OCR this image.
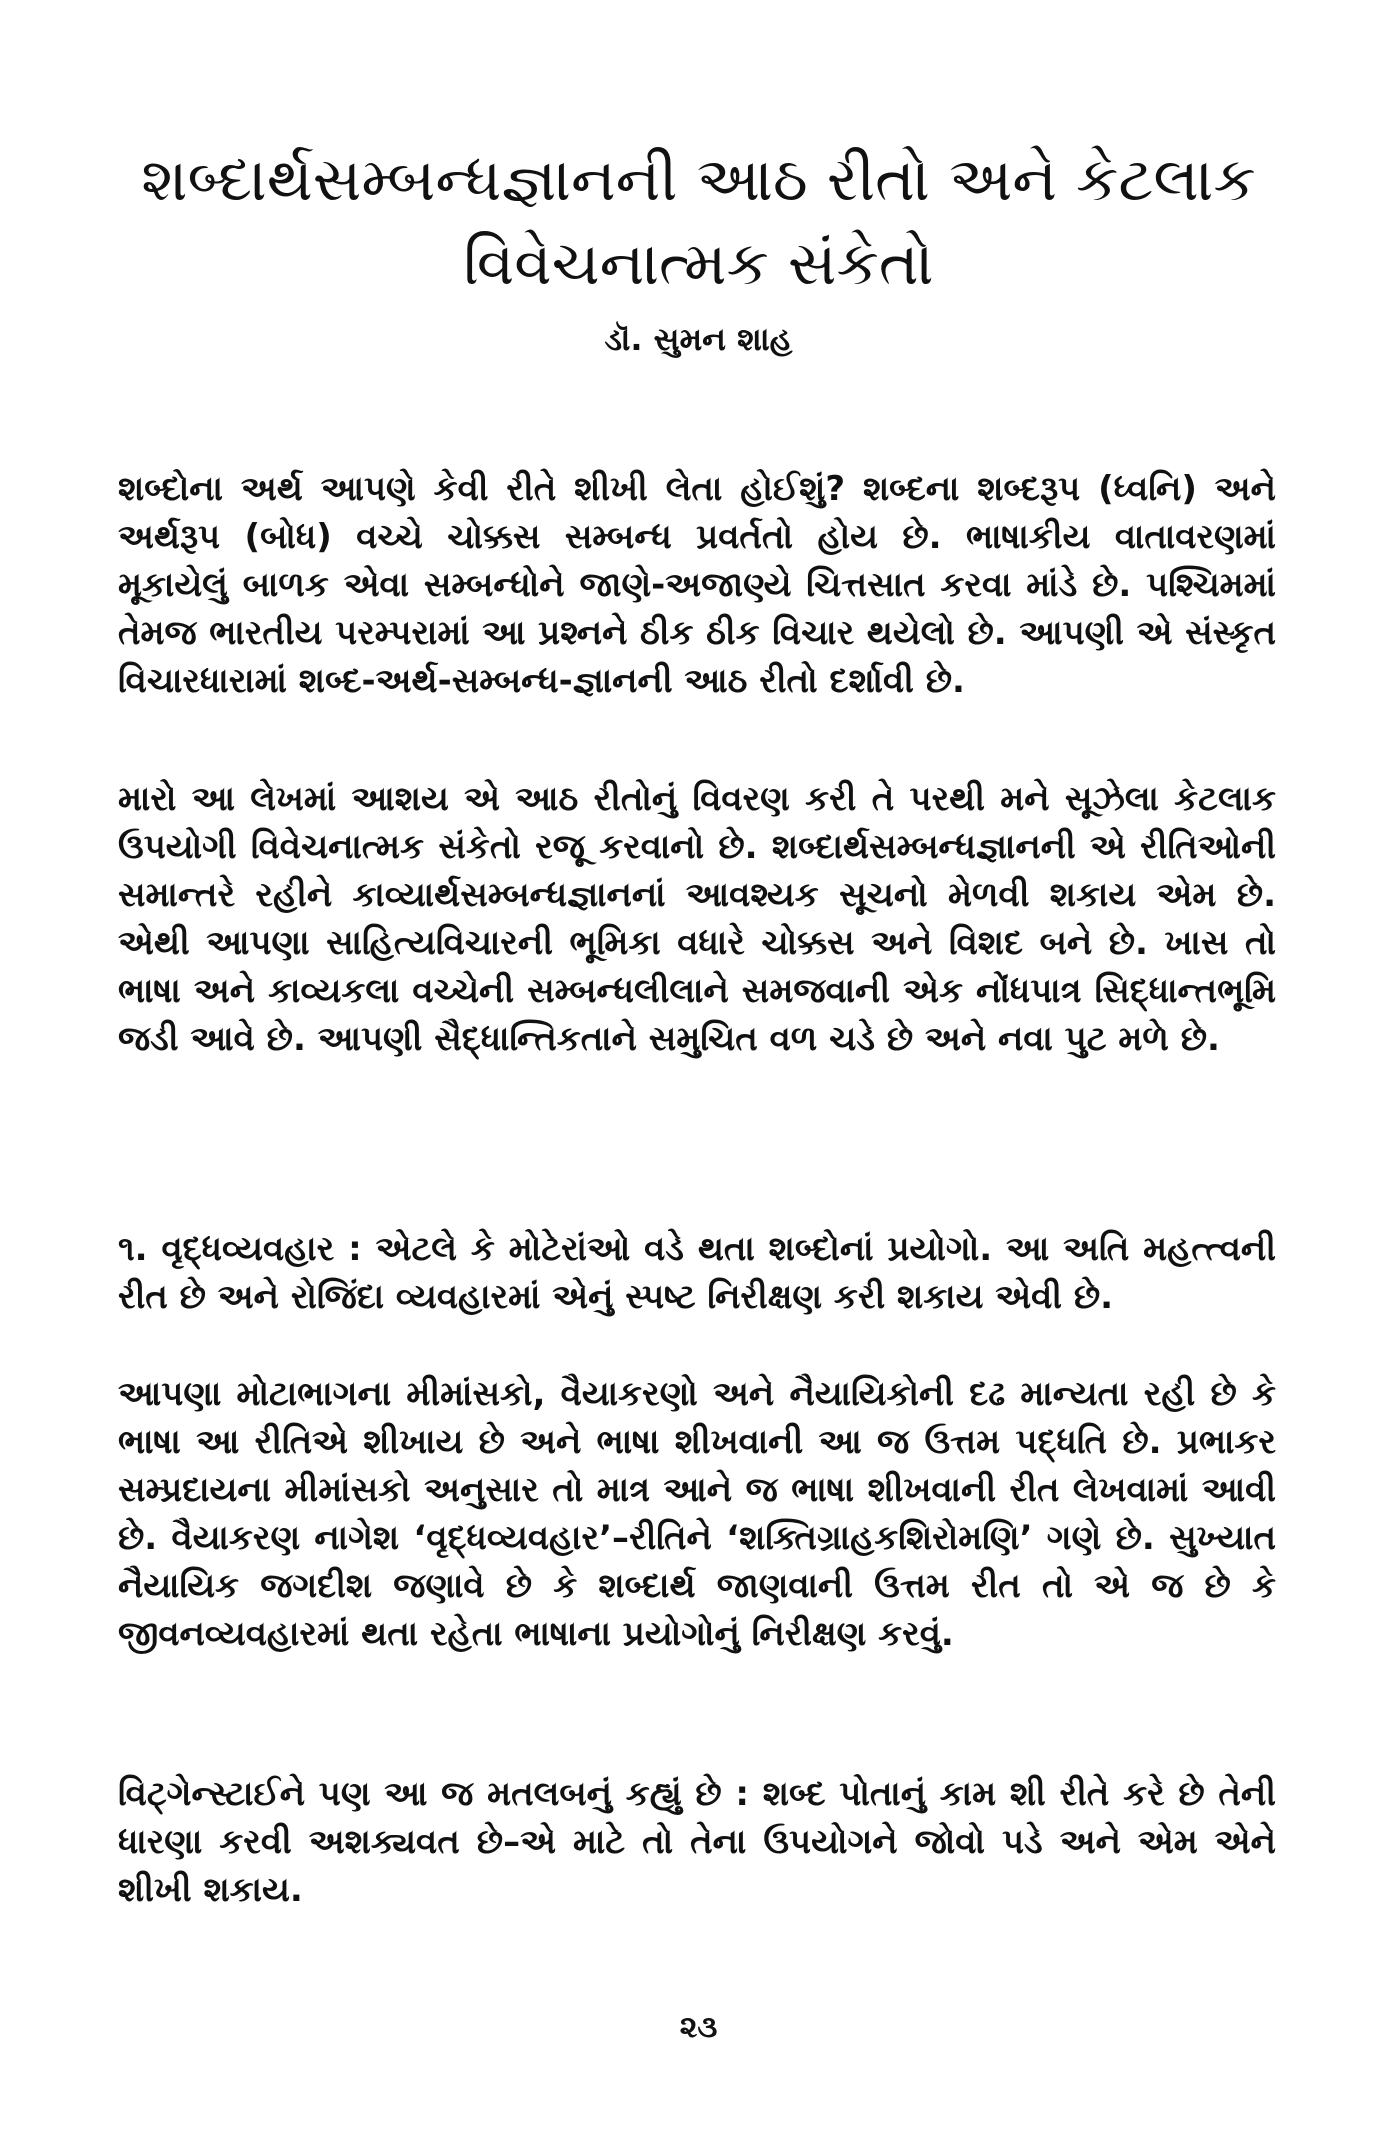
શબ્દાર્થસમ્બન્ધજ્ઞાનની આઠ રીતો અને કેટલાક
વિવેચનાત્મક સંકેતો

ડૉ. સુમન શાહ

શબ્દોના અર્થ આપણે કેવી રીતે શીખી લેતા હોઈશું? શબ્દના શબ્દરૂપ (ધ્વનિ) અને અર્થરૂપ (બોધ) વચ્ચે ચોક્કસ સમ્બન્ધ પ્રવર્તતો હોય છે. ભાષાકીય વાતાવરણમાં મૂકાયેલું બાળક એવા સમ્બન્ધોને જાણે-અજાણ્યે ચિત્તસાત કરવા માંડે છે. પશ્ચિમમાં તેમજ ભારતીય પરમ્પરામાં આ પ્રશ્નને ઠીક ઠીક વિચાર થયેલો છે. આપણી એ સંસ્કૃત વિચારધારામાં શબ્દ-અર્થ-સમ્બન્ધ-જ્ઞાનની આઠ રીતો દર્શાવી છે.

મારો આ લેખમાં આશય એ આઠ રીતોનું વિવરણ કરી તે પરથી મને સૂઝેલા કેટલાક ઉપયોગી વિવેચનાત્મક સંકેતો રજૂ કરવાનો છે. શબ્દાર્થસમ્બન્ધજ્ઞાનની એ રીતિઓની સમાન્તરે રહીને કાવ્યાર્થસમ્બન્ધજ્ઞાનનાં આવશ્યક સૂચનો મેળવી શકાય એમ છે. એથી આપણા સાહિત્યવિચારની ભૂમિકા વધારે ચોક્કસ અને વિશદ બને છે. ખાસ તો ભાષા અને કાવ્યકલા વચ્ચેની સમ્બન્ધલીલાને સમજવાની એક નોંધપાત્ર સિદ્ધાન્તભૂમિ જડી આવે છે. આપણી સૈદ્ધાન્તિકતાને સમુચિત વળ ચડે છે અને નવા પુટ મળે છે.

૧. વૃદ્ધવ્યવહાર : એટલે કે મોટેરાંઓ વડે થતા શબ્દોનાં પ્રયોગો. આ અતિ મહત્ત્વની રીત છે અને રોજિંદા વ્યવહારમાં એનું સ્પષ્ટ નિરીક્ષણ કરી શકાય એવી છે.

આપણા મોટાભાગના મીમાંસકો, વૈયાકરણો અને નૈયાયિકોની દઢ માન્યતા રહી છે કે ભાષા આ રીતિએ શીખાય છે અને ભાષા શીખવાની આ જ ઉત્તમ પદ્ધતિ છે. પ્રભાકર સમ્પ્રદાયના મીમાંસકો અનુસાર તો માત્ર આને જ ભાષા શીખવાની રીત લેખવામાં આવી છે. વૈયાકરણ નાગેશ ‘વૃદ્ધવ્યવહાર’–રીતિને ‘શક્તિગ્રાહકશિરોમણિ’ ગણે છે. સુખ્યાત નૈયાયિક જગદીશ જણાવે છે કે શબ્દાર્થ જાણવાની ઉત્તમ રીત તો એ જ છે કે જીવનવ્યવહારમાં થતા રહેતા ભાષાના પ્રયોગોનું નિરીક્ષણ કરવું.

વિટ્ગેન્સ્ટાઈને પણ આ જ મતલબનું કહ્યું છે : શબ્દ પોતાનું કામ શી રીતે કરે છે તેની ધારણા કરવી અશક્યવત છે–એ માટે તો તેના ઉપયોગને જોવો પડે અને એમ એને શીખી શકાય.

૨૩
